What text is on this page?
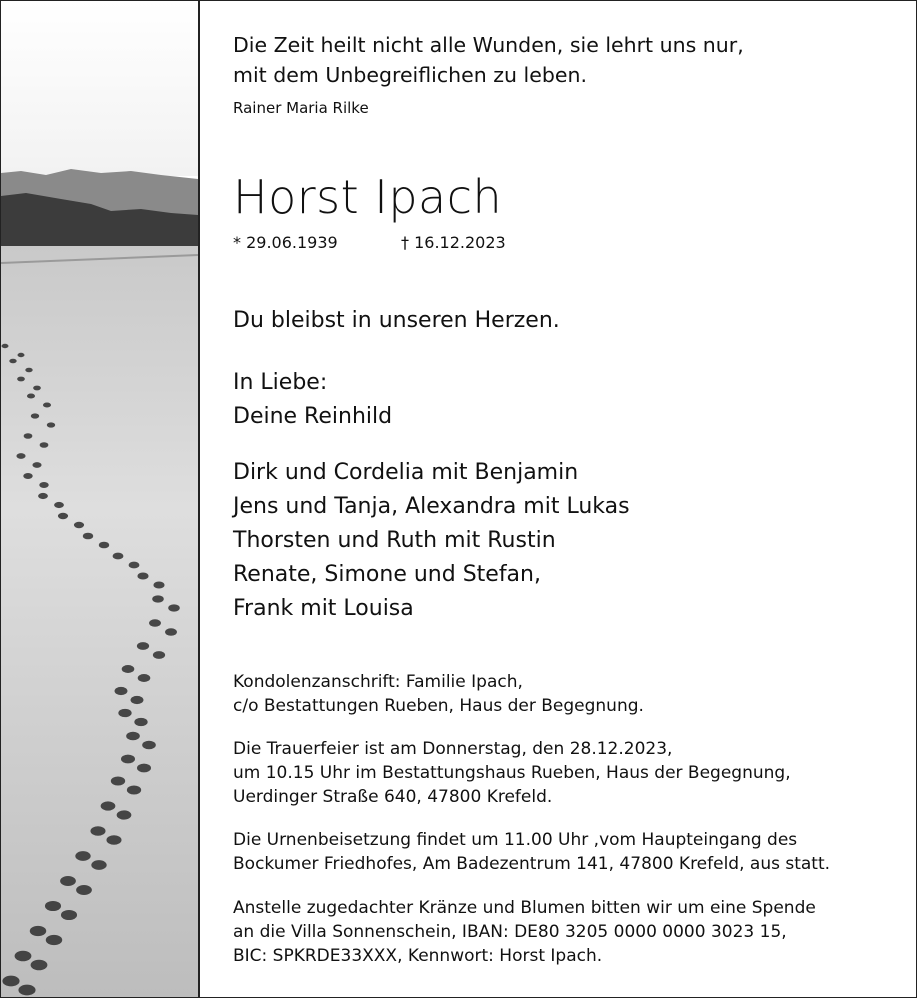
Die Zeit heilt nicht alle Wunden, sie lehrt uns nur,
mit dem Unbegreiflichen zu leben.
Rainer Maria Rilke
Horst Ipach
* 29.06.1939	† 16.12.2023
Du bleibst in unseren Herzen.
In Liebe:
Deine Reinhild
Dirk und Cordelia mit Benjamin
Jens und Tanja, Alexandra mit Lukas
Thorsten und Ruth mit Rustin
Renate, Simone und Stefan,
Frank mit Louisa
Kondolenzanschrift: Familie Ipach,
c/o Bestattungen Rueben, Haus der Begegnung.
Die Trauerfeier ist am Donnerstag, den 28.12.2023,
um 10.15 Uhr im Bestattungshaus Rueben, Haus der Begegnung,
Uerdinger Straße 640, 47800 Krefeld.
Die Urnenbeisetzung findet um 11.00 Uhr ,vom Haupteingang des
Bockumer Friedhofes, Am Badezentrum 141, 47800 Krefeld, aus statt.
Anstelle zugedachter Kränze und Blumen bitten wir um eine Spende
an die Villa Sonnenschein, IBAN: DE80 3205 0000 0000 3023 15,
BIC: SPKRDE33XXX, Kennwort: Horst Ipach.
